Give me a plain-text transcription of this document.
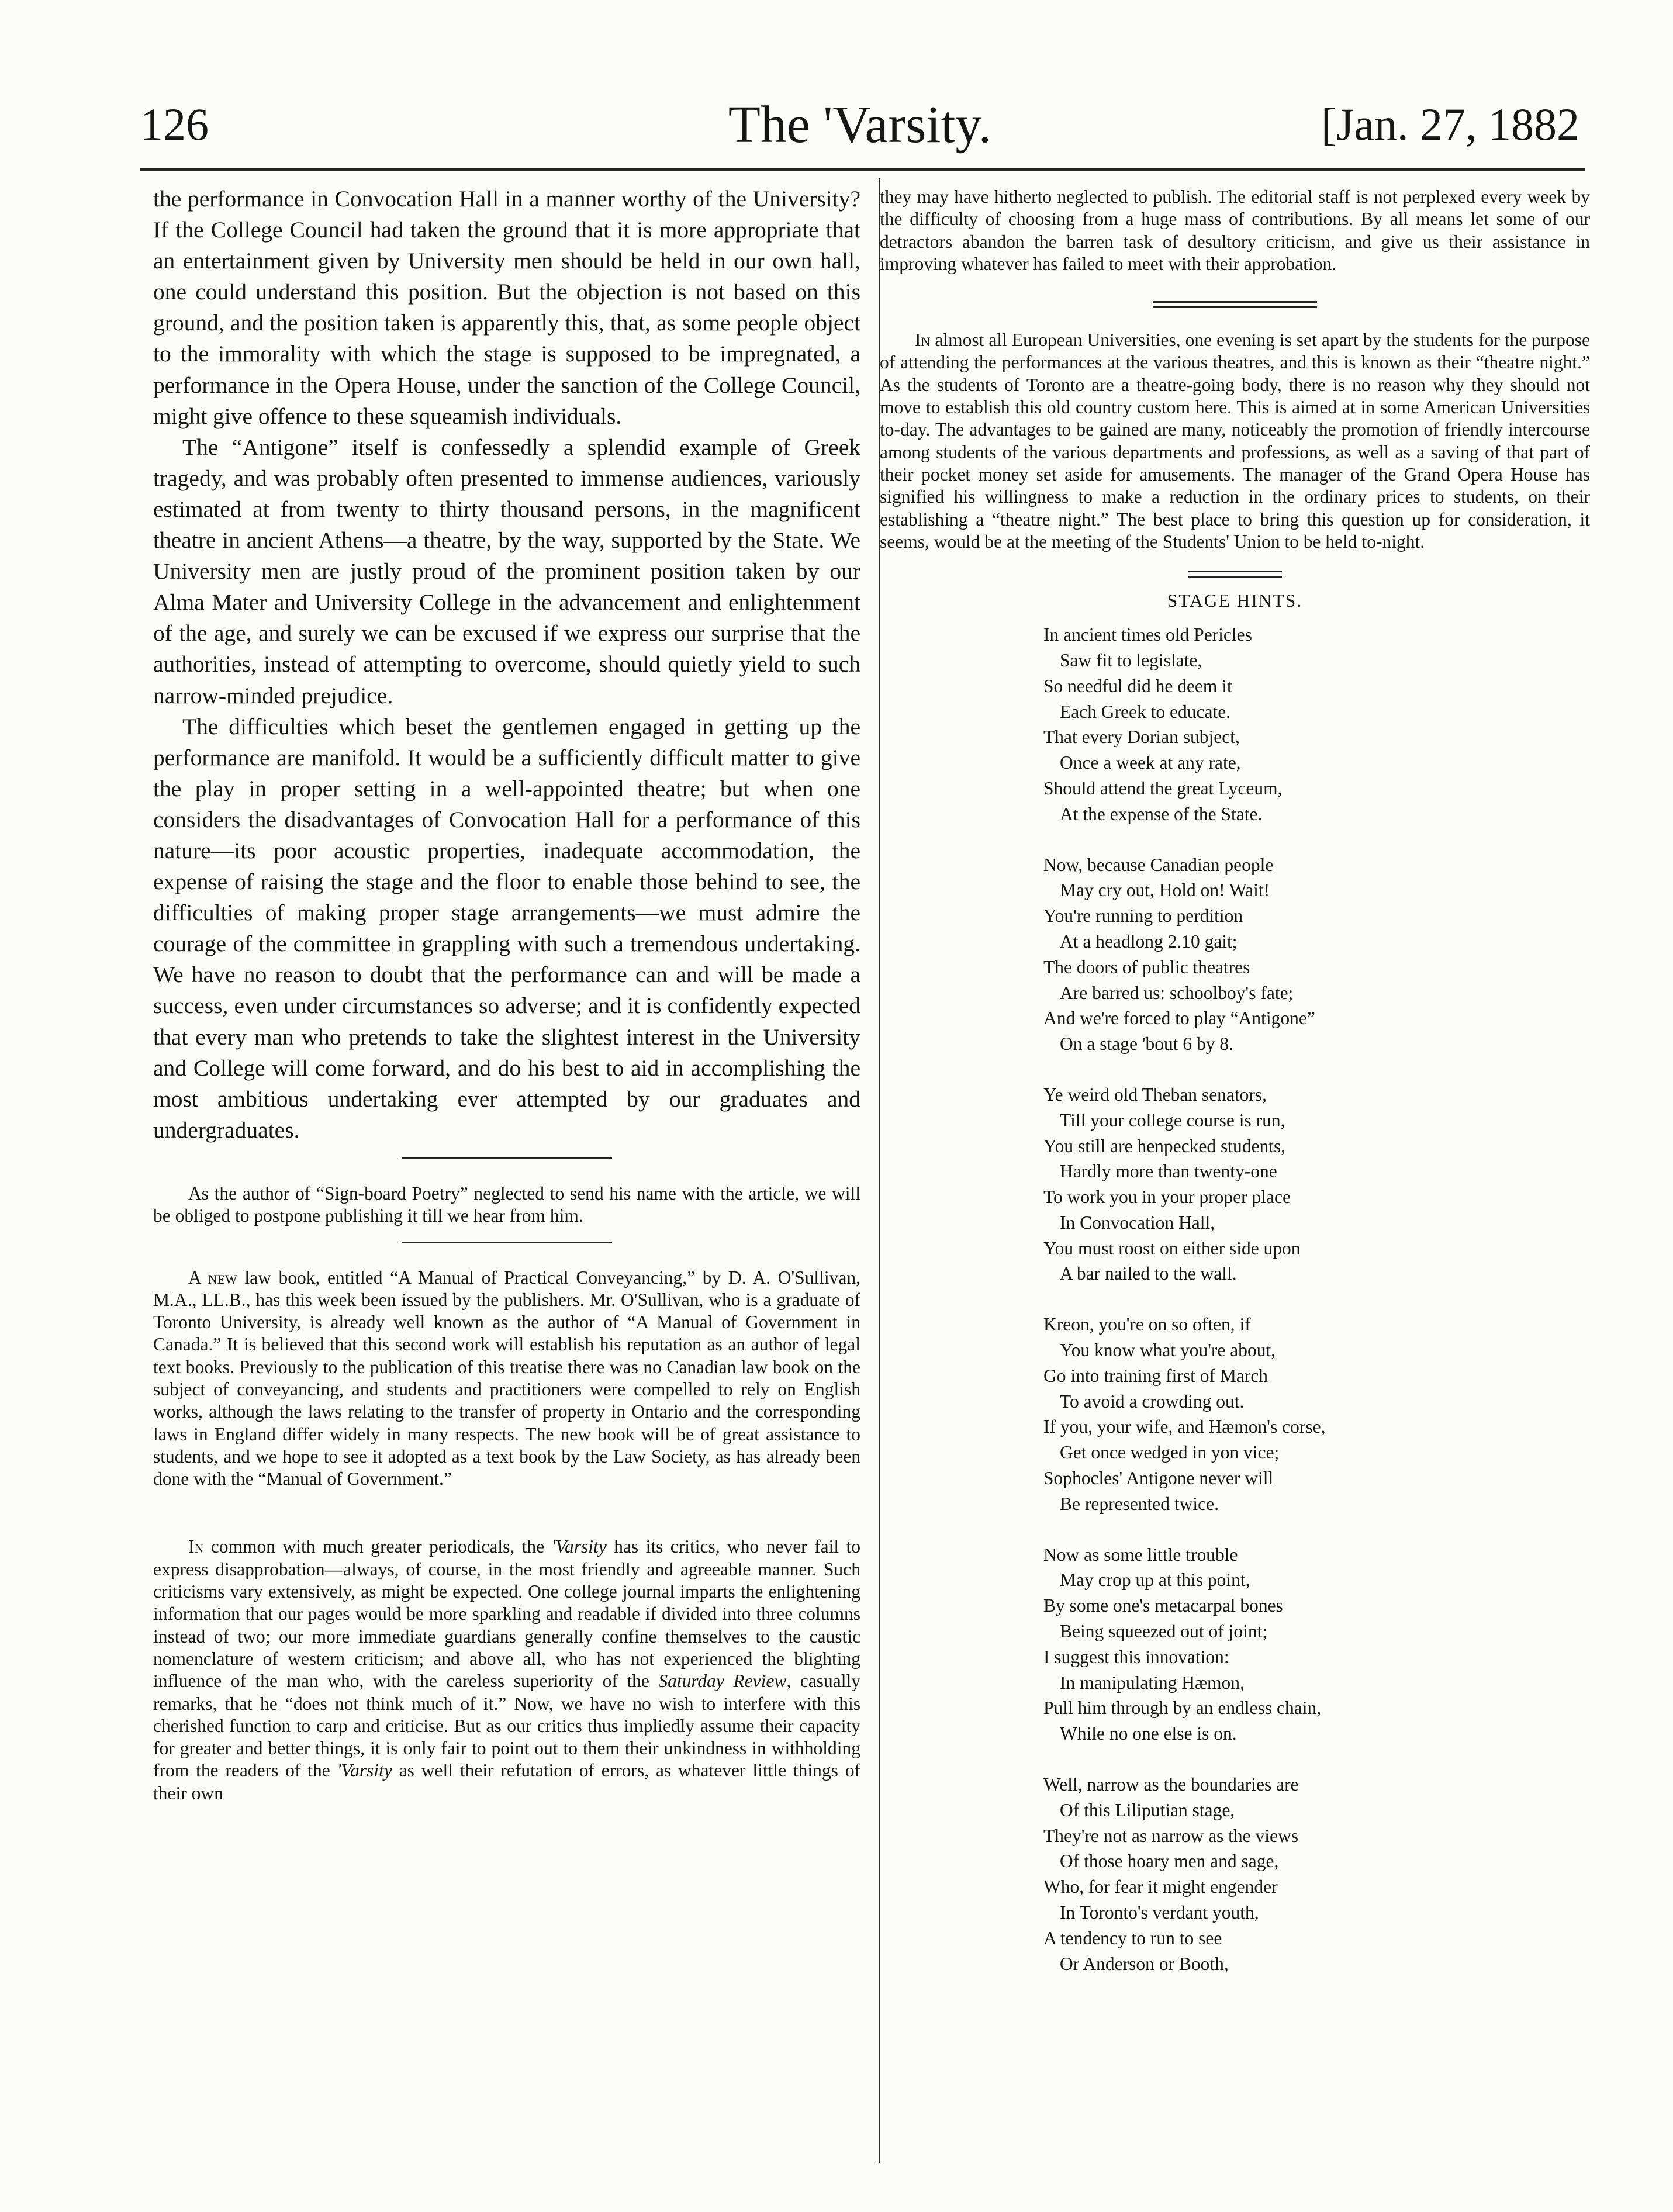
126	The 'Varsity.	[Jan. 27, 1882

the performance in Convocation Hall in a manner worthy of the University? If the College Council had taken the ground that it is more appropriate that an entertainment given by University men should be held in our own hall, one could understand this position. But the objection is not based on this ground, and the position taken is apparently this, that, as some people object to the immorality with which the stage is supposed to be impregnated, a performance in the Opera House, under the sanction of the College Council, might give offence to these squeamish individuals.

The “Antigone” itself is confessedly a splendid example of Greek tragedy, and was probably often presented to immense audiences, variously estimated at from twenty to thirty thousand persons, in the magnificent theatre in ancient Athens—a theatre, by the way, supported by the State. We University men are justly proud of the prominent position taken by our Alma Mater and University College in the advancement and enlightenment of the age, and surely we can be excused if we express our surprise that the authorities, instead of attempting to overcome, should quietly yield to such narrow-minded prejudice.

The difficulties which beset the gentlemen engaged in getting up the performance are manifold. It would be a sufficiently difficult matter to give the play in proper setting in a well-appointed theatre; but when one considers the disadvantages of Convocation Hall for a performance of this nature—its poor acoustic properties, inadequate accommodation, the expense of raising the stage and the floor to enable those behind to see, the difficulties of making proper stage arrangements—we must admire the courage of the committee in grappling with such a tremendous undertaking. We have no reason to doubt that the performance can and will be made a success, even under circumstances so adverse; and it is confidently expected that every man who pretends to take the slightest interest in the University and College will come forward, and do his best to aid in accomplishing the most ambitious undertaking ever attempted by our graduates and undergraduates.

As the author of “Sign-board Poetry” neglected to send his name with the article, we will be obliged to postpone publishing it till we hear from him.

A new law book, entitled “A Manual of Practical Conveyancing,” by D. A. O'Sullivan, M.A., LL.B., has this week been issued by the publishers. Mr. O'Sullivan, who is a graduate of Toronto University, is already well known as the author of “A Manual of Government in Canada.” It is believed that this second work will establish his reputation as an author of legal text books. Previously to the publication of this treatise there was no Canadian law book on the subject of conveyancing, and students and practitioners were compelled to rely on English works, although the laws relating to the transfer of property in Ontario and the corresponding laws in England differ widely in many respects. The new book will be of great assistance to students, and we hope to see it adopted as a text book by the Law Society, as has already been done with the “Manual of Government.”

In common with much greater periodicals, the 'Varsity has its critics, who never fail to express disapprobation—always, of course, in the most friendly and agreeable manner. Such criticisms vary extensively, as might be expected. One college journal imparts the enlightening information that our pages would be more sparkling and readable if divided into three columns instead of two; our more immediate guardians generally confine themselves to the caustic nomenclature of western criticism; and above all, who has not experienced the blighting influence of the man who, with the careless superiority of the Saturday Review, casually remarks, that he “does not think much of it.” Now, we have no wish to interfere with this cherished function to carp and criticise. But as our critics thus impliedly assume their capacity for greater and better things, it is only fair to point out to them their unkindness in withholding from the readers of the 'Varsity as well their refutation of errors, as whatever little things of their own

they may have hitherto neglected to publish. The editorial staff is not perplexed every week by the difficulty of choosing from a huge mass of contributions. By all means let some of our detractors abandon the barren task of desultory criticism, and give us their assistance in improving whatever has failed to meet with their approbation.

In almost all European Universities, one evening is set apart by the students for the purpose of attending the performances at the various theatres, and this is known as their “theatre night.” As the students of Toronto are a theatre-going body, there is no reason why they should not move to establish this old country custom here. This is aimed at in some American Universities to-day. The advantages to be gained are many, noticeably the promotion of friendly intercourse among students of the various departments and professions, as well as a saving of that part of their pocket money set aside for amusements. The manager of the Grand Opera House has signified his willingness to make a reduction in the ordinary prices to students, on their establishing a “theatre night.” The best place to bring this question up for consideration, it seems, would be at the meeting of the Students' Union to be held to-night.

STAGE HINTS.

In ancient times old Pericles
Saw fit to legislate,
So needful did he deem it
Each Greek to educate.
That every Dorian subject,
Once a week at any rate,
Should attend the great Lyceum,
At the expense of the State.
Now, because Canadian people
May cry out, Hold on! Wait!
You're running to perdition
At a headlong 2.10 gait;
The doors of public theatres
Are barred us: schoolboy's fate;
And we're forced to play “Antigone”
On a stage 'bout 6 by 8.
Ye weird old Theban senators,
Till your college course is run,
You still are henpecked students,
Hardly more than twenty-one
To work you in your proper place
In Convocation Hall,
You must roost on either side upon
A bar nailed to the wall.
Kreon, you're on so often, if
You know what you're about,
Go into training first of March
To avoid a crowding out.
If you, your wife, and Hæmon's corse,
Get once wedged in yon vice;
Sophocles' Antigone never will
Be represented twice.
Now as some little trouble
May crop up at this point,
By some one's metacarpal bones
Being squeezed out of joint;
I suggest this innovation:
In manipulating Hæmon,
Pull him through by an endless chain,
While no one else is on.
Well, narrow as the boundaries are
Of this Liliputian stage,
They're not as narrow as the views
Of those hoary men and sage,
Who, for fear it might engender
In Toronto's verdant youth,
A tendency to run to see
Or Anderson or Booth,
